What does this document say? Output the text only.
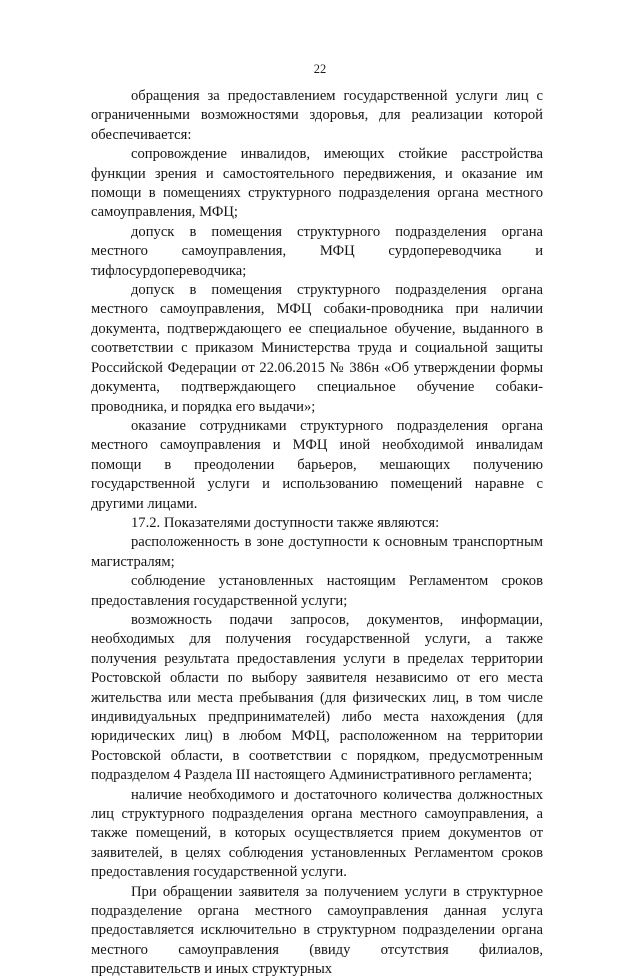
22

обращения за предоставлением государственной услуги лиц с ограниченными возможностями здоровья, для реализации которой обеспечивается:

сопровождение инвалидов, имеющих стойкие расстройства функции зрения и самостоятельного передвижения, и оказание им помощи в помещениях структурного подразделения органа местного самоуправления, МФЦ;

допуск в помещения структурного подразделения органа местного самоуправления, МФЦ сурдопереводчика и тифлосурдопереводчика;

допуск в помещения структурного подразделения органа местного самоуправления, МФЦ собаки-проводника при наличии документа, подтверждающего ее специальное обучение, выданного в соответствии с приказом Министерства труда и социальной защиты Российской Федерации от 22.06.2015 № 386н «Об утверждении формы документа, подтверждающего специальное обучение собаки-проводника, и порядка его выдачи»;

оказание сотрудниками структурного подразделения органа местного самоуправления и МФЦ иной необходимой инвалидам помощи в преодолении барьеров, мешающих получению государственной услуги и использованию помещений наравне с другими лицами.

17.2. Показателями доступности также являются:

расположенность в зоне доступности к основным транспортным магистралям;

соблюдение установленных настоящим Регламентом сроков предоставления государственной услуги;

возможность подачи запросов, документов, информации, необходимых для получения государственной услуги, а также получения результата предоставления услуги в пределах территории Ростовской области по выбору заявителя независимо от его места жительства или места пребывания (для физических лиц, в том числе индивидуальных предпринимателей) либо места нахождения (для юридических лиц) в любом МФЦ, расположенном на территории Ростовской области, в соответствии с порядком, предусмотренным подразделом 4 Раздела III настоящего Административного регламента;

наличие необходимого и достаточного количества должностных лиц структурного подразделения органа местного самоуправления, а также помещений, в которых осуществляется прием документов от заявителей, в целях соблюдения установленных Регламентом сроков предоставления государственной услуги.

При обращении заявителя за получением услуги в структурное подразделение органа местного самоуправления данная услуга предоставляется исключительно в структурном подразделении органа местного самоуправления (ввиду отсутствия филиалов, представительств и иных структурных
